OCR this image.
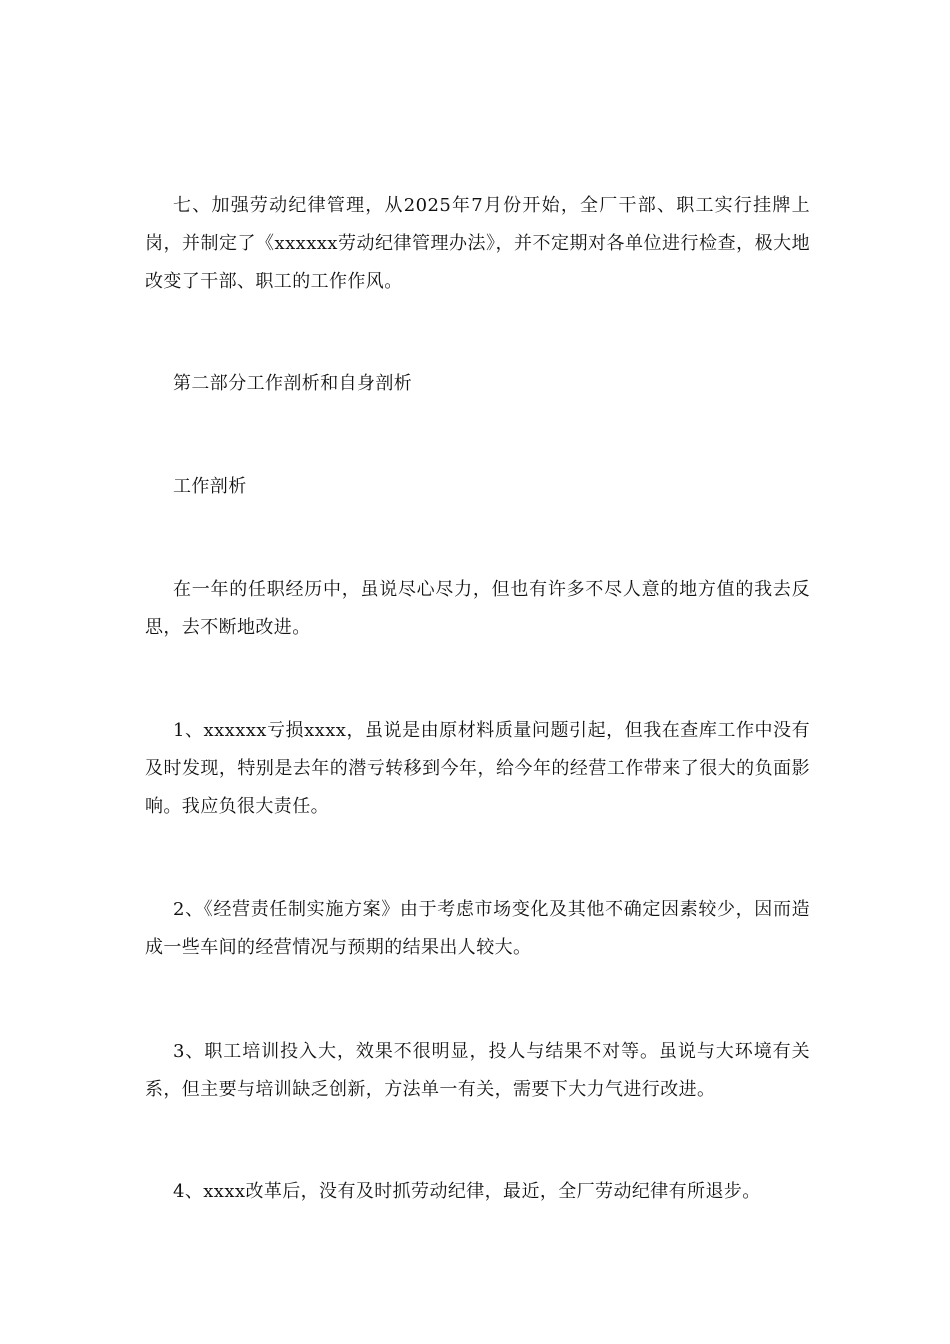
七、加强劳动纪律管理，从2025年7月份开始，全厂干部、职工实行挂牌上岗，并制定了《xxxxxx劳动纪律管理办法》，并不定期对各单位进行检查，极大地改变了干部、职工的工作作风。

第二部分工作剖析和自身剖析

工作剖析

在一年的任职经历中，虽说尽心尽力，但也有许多不尽人意的地方值的我去反思，去不断地改进。

1、xxxxxx亏损xxxx，虽说是由原材料质量问题引起，但我在查库工作中没有及时发现，特别是去年的潜亏转移到今年，给今年的经营工作带来了很大的负面影响。我应负很大责任。

2、《经营责任制实施方案》由于考虑市场变化及其他不确定因素较少，因而造成一些车间的经营情况与预期的结果出人较大。

3、职工培训投入大，效果不很明显，投人与结果不对等。虽说与大环境有关系，但主要与培训缺乏创新，方法单一有关，需要下大力气进行改进。

4、xxxx改革后，没有及时抓劳动纪律，最近，全厂劳动纪律有所退步。
